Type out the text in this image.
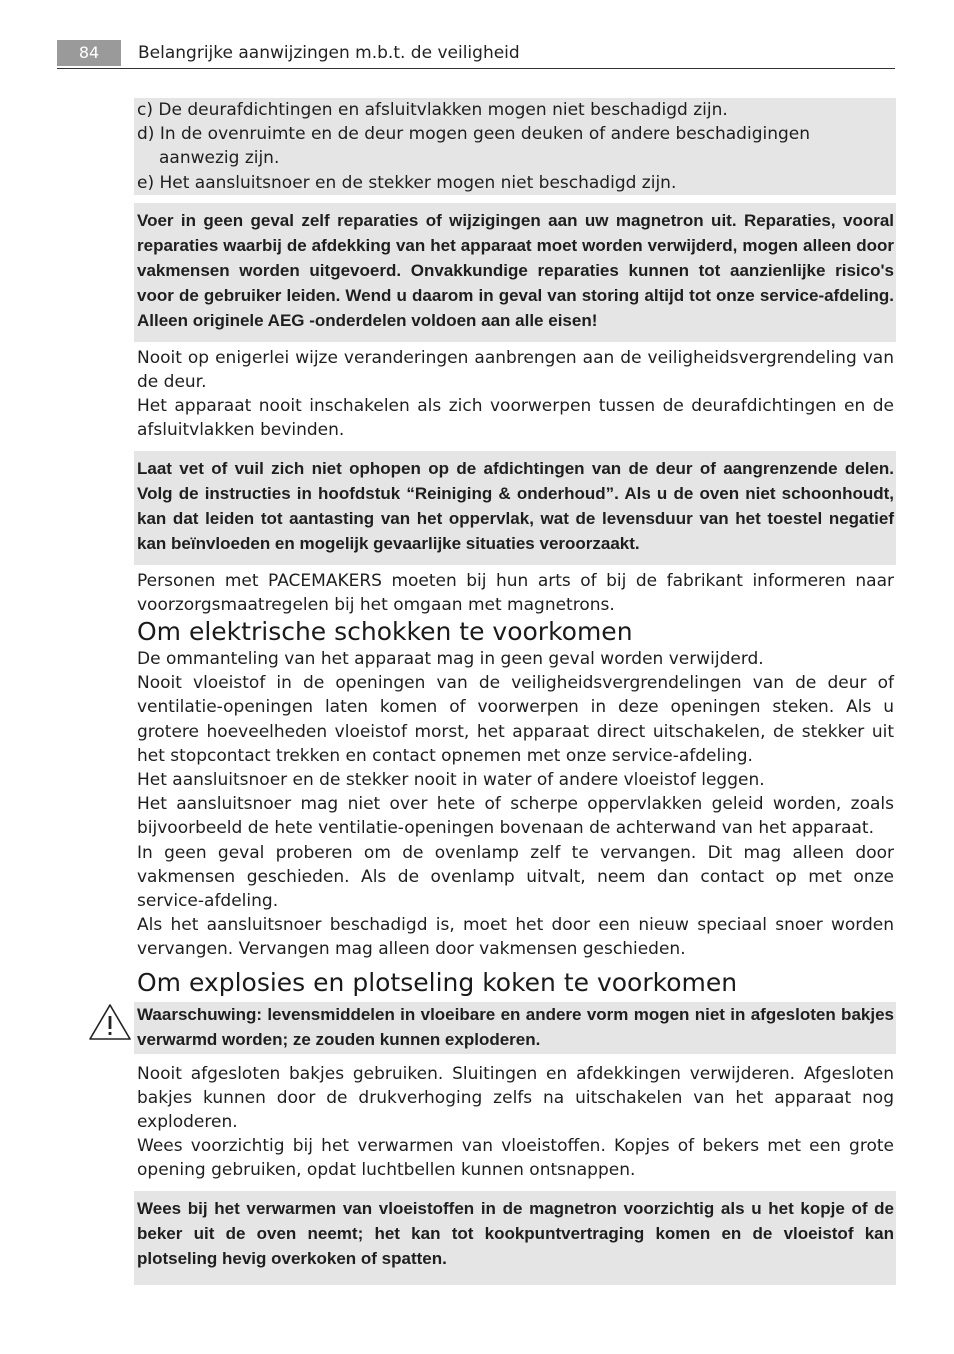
84	Belangrijke aanwijzingen m.b.t. de veiligheid

c) De deurafdichtingen en afsluitvlakken mogen niet beschadigd zijn.

d) In de ovenruimte en de deur mogen geen deuken of andere beschadigingen aanwezig zijn.

e) Het aansluitsnoer en de stekker mogen niet beschadigd zijn.

Voer in geen geval zelf reparaties of wijzigingen aan uw magnetron uit. Reparaties, vooral reparaties waarbij de afdekking van het apparaat moet worden verwijderd, mogen alleen door vakmensen worden uitgevoerd. Onvakkundige reparaties kunnen tot aanzienlijke risico's voor de gebruiker leiden. Wend u daarom in geval van storing altijd tot onze service-afdeling. Alleen originele AEG -onderdelen voldoen aan alle eisen!

Nooit op enigerlei wijze veranderingen aanbrengen aan de veiligheidsvergrendeling van de deur.

Het apparaat nooit inschakelen als zich voorwerpen tussen de deurafdichtingen en de afsluitvlakken bevinden.

Laat vet of vuil zich niet ophopen op de afdichtingen van de deur of aangrenzende delen. Volg de instructies in hoofdstuk “Reiniging & onderhoud”. Als u de oven niet schoonhoudt, kan dat leiden tot aantasting van het oppervlak, wat de levensduur van het toestel negatief kan beïnvloeden en mogelijk gevaarlijke situaties veroorzaakt.

Personen met PACEMAKERS moeten bij hun arts of bij de fabrikant informeren naar voorzorgsmaatregelen bij het omgaan met magnetrons.

Om elektrische schokken te voorkomen

De ommanteling van het apparaat mag in geen geval worden verwijderd.

Nooit vloeistof in de openingen van de veiligheidsvergrendelingen van de deur of ventilatie-openingen laten komen of voorwerpen in deze openingen steken. Als u grotere hoeveelheden vloeistof morst, het apparaat direct uitschakelen, de stekker uit het stopcontact trekken en contact opnemen met onze service-afdeling.

Het aansluitsnoer en de stekker nooit in water of andere vloeistof leggen.

Het aansluitsnoer mag niet over hete of scherpe oppervlakken geleid worden, zoals bijvoorbeeld de hete ventilatie-openingen bovenaan de achterwand van het apparaat.

In geen geval proberen om de ovenlamp zelf te vervangen. Dit mag alleen door vakmensen geschieden. Als de ovenlamp uitvalt, neem dan contact op met onze service-afdeling.

Als het aansluitsnoer beschadigd is, moet het door een nieuw speciaal snoer worden vervangen. Vervangen mag alleen door vakmensen geschieden.

Om explosies en plotseling koken te voorkomen

Waarschuwing: levensmiddelen in vloeibare en andere vorm mogen niet in afgesloten bakjes verwarmd worden; ze zouden kunnen exploderen.

Nooit afgesloten bakjes gebruiken. Sluitingen en afdekkingen verwijderen. Afgesloten bakjes kunnen door de drukverhoging zelfs na uitschakelen van het apparaat nog exploderen.

Wees voorzichtig bij het verwarmen van vloeistoffen. Kopjes of bekers met een grote opening gebruiken, opdat luchtbellen kunnen ontsnappen.

Wees bij het verwarmen van vloeistoffen in de magnetron voorzichtig als u het kopje of de beker uit de oven neemt; het kan tot kookpuntvertraging komen en de vloeistof kan plotseling hevig overkoken of spatten.
